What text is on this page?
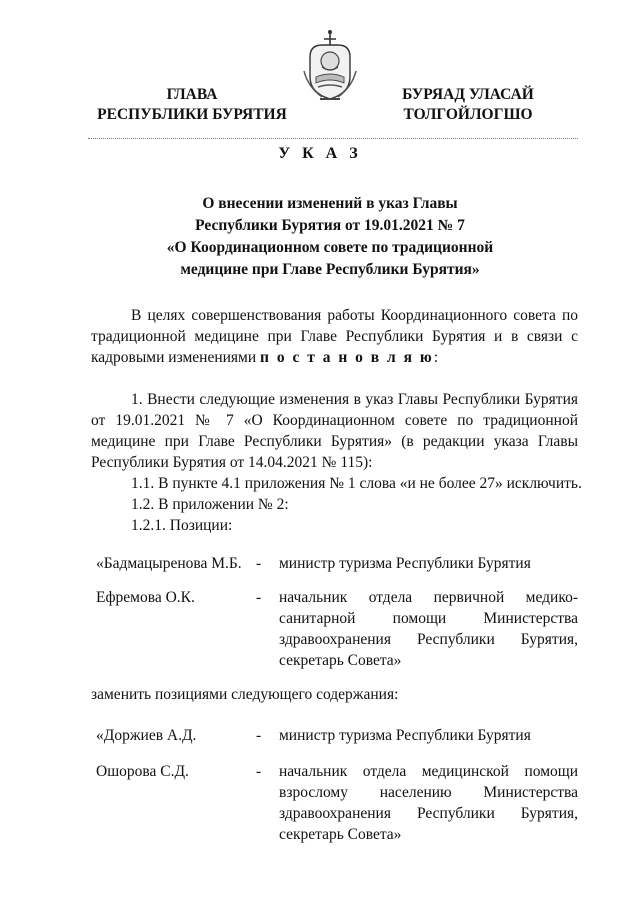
ГЛАВА
РЕСПУБЛИКИ БУРЯТИЯ
БУРЯАД УЛАСАЙ
ТОЛГОЙЛОГШО
У К А З
О внесении изменений в указ Главы
Республики Бурятия от 19.01.2021 № 7
«О Координационном совете по традиционной
медицине при Главе Республики Бурятия»
В целях совершенствования работы Координационного совета по традиционной медицине при Главе Республики Бурятия и в связи с кадровыми изменениями п о с т а н о в л я ю:
1. Внести следующие изменения в указ Главы Республики Бурятия от 19.01.2021 № 7 «О Координационном совете по традиционной медицине при Главе Республики Бурятия» (в редакции указа Главы Республики Бурятия от 14.04.2021 № 115):
1.1. В пункте 4.1 приложения № 1 слова «и не более 27» исключить.
1.2. В приложении № 2:
1.2.1. Позиции:
«Бадмацыренова М.Б. - министр туризма Республики Бурятия
Ефремова О.К.	- начальник отдела первичной медико-санитарной помощи Министерства здравоохранения Республики Бурятия, секретарь Совета»
заменить позициями следующего содержания:
«Доржиев А.Д.	- министр туризма Республики Бурятия
Ошорова С.Д.	- начальник отдела медицинской помощи взрослому населению Министерства здравоохранения Республики Бурятия, секретарь Совета»
